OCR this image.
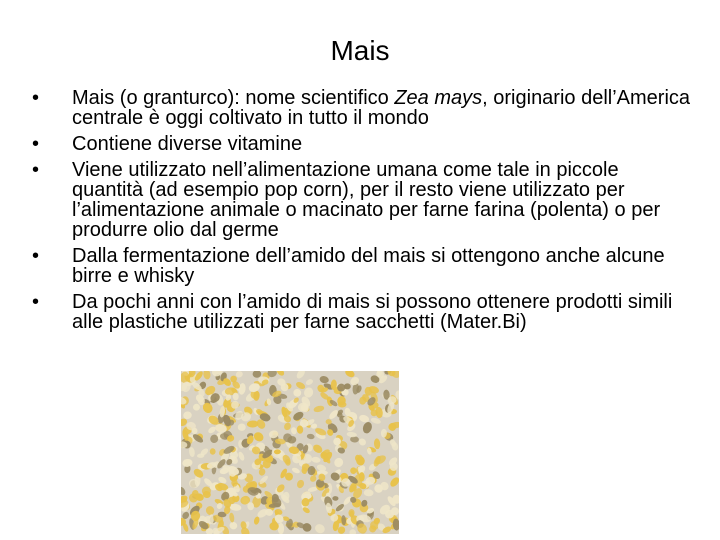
Mais
• Mais (o granturco): nome scientifico Zea mays, originario dell’America centrale è oggi coltivato in tutto il mondo
• Contiene diverse vitamine
• Viene utilizzato nell’alimentazione umana come tale in piccole quantità (ad esempio pop corn), per il resto viene utilizzato per l’alimentazione animale o macinato per farne farina (polenta) o per produrre olio dal germe
• Dalla fermentazione dell’amido del mais si ottengono anche alcune birre e whisky
• Da pochi anni con l’amido di mais si possono ottenere prodotti simili alle plastiche utilizzati per farne sacchetti (Mater.Bi)
